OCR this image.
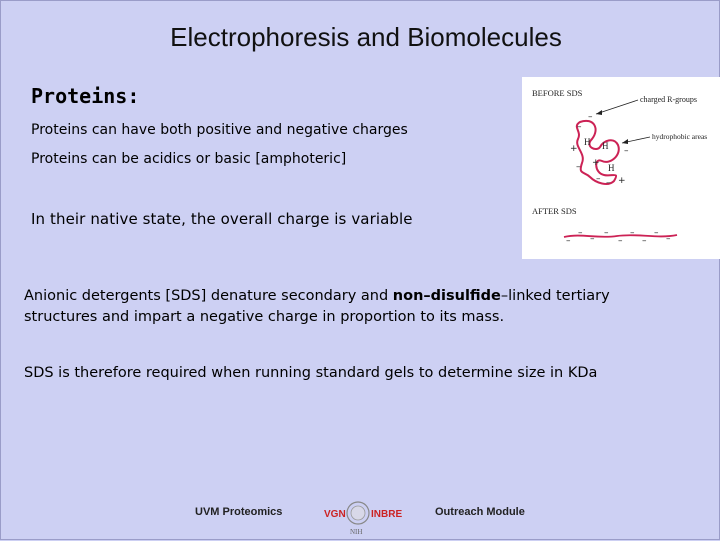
Electrophoresis and Biomolecules
Proteins:
Proteins can have both positive and negative charges
Proteins can be acidics or basic [amphoteric]
In their native state, the overall charge is variable
Anionic detergents [SDS] denature secondary and non–disulfide–linked tertiary structures and impart a negative charge in proportion to its mass.
SDS is therefore required when running standard gels to determine size in KDa
BEFORE SDS
charged R-groups
hydrophobic areas
H
H
H
–
–
+
– +
–
– – +
AFTER SDS
–
–
–
–
–
–
–
–
–
UVM Proteomics	VGN	INBRE
NIH
Outreach Module
